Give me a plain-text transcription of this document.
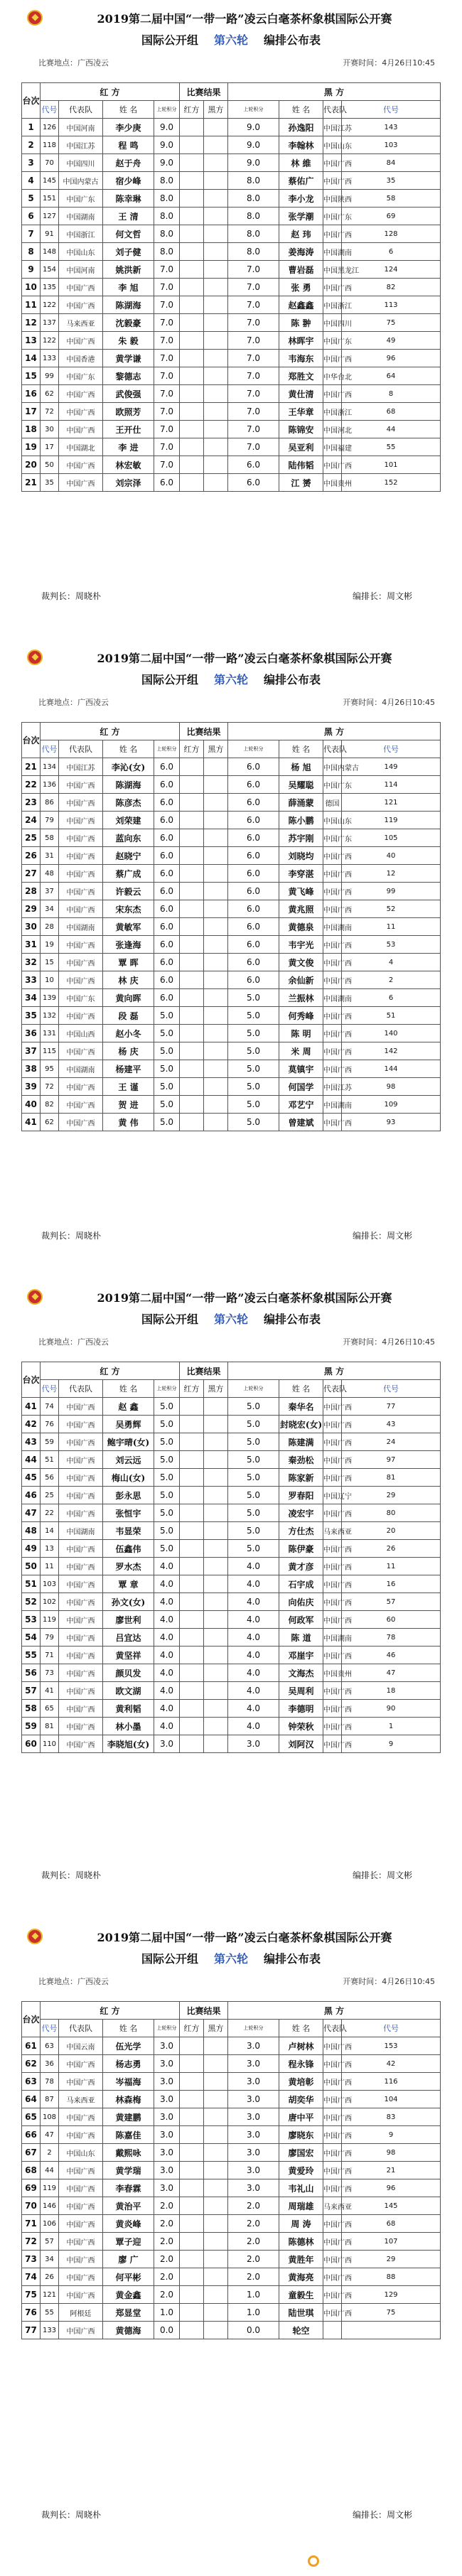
2019第二届中国“一带一路”凌云白毫茶杯象棋国际公开赛
国际公开组 第六轮 编排公布表
比赛地点：广西凌云	开赛时间：4月26日10:45
台次	红 方				比赛结果		黑 方			
	代号	代表队	姓 名	上轮积分	红方	黑方	上轮积分	姓 名	代表队	代号
1	126	中国河南	李少庚	9.0			9.0	孙逸阳	中国江苏	143
2	118	中国江苏	程 鸣	9.0			9.0	李翰林	中国山东	103
3	70	中国四川	赵于舟	9.0			9.0	林 維	中国广西	84
4	145	中国内蒙古	宿少峰	8.0			8.0	蔡佑广	中国广西	35
5	151	中国广东	陈幸琳	8.0			8.0	李小龙	中国陕西	58
6	127	中国湖南	王 清	8.0			8.0	张学潮	中国广东	69
7	91	中国浙江	何文哲	8.0			8.0	赵 玮	中国广西	128
8	148	中国山东	刘子健	8.0			8.0	姜海涛	中国湖南	6
9	154	中国河南	姚洪新	7.0			7.0	曹岩磊	中国黑龙江	124
10	135	中国广西	李 旭	7.0			7.0	张 勇	中国广西	82
11	122	中国广西	陈湖海	7.0			7.0	赵鑫鑫	中国浙江	113
12	137	马来西亚	沈毅豪	7.0			7.0	陈 翀	中国四川	75
13	122	中国广西	朱 毅	7.0			7.0	林晖宇	中国广东	49
14	133	中国香港	黄学谦	7.0			7.0	韦海东	中国广西	96
15	99	中国广东	黎德志	7.0			7.0	郑胜文	中华台北	64
16	62	中国广西	武俊强	7.0			7.0	黄仕清	中国广西	8
17	72	中国广西	欧照芳	7.0			7.0	王华章	中国浙江	68
18	30	中国广西	王开仕	7.0			7.0	陈锦安	中国河北	44
19	17	中国湖北	李 进	7.0			7.0	吴亚利	中国福建	55
20	50	中国广西	林宏敏	7.0			6.0	陆伟韬	中国广西	101
21	35	中国广西	刘宗泽	6.0			6.0	江 赟	中国贵州	152
裁判长：周晓朴	编排长：周文彬
2019第二届中国“一带一路”凌云白毫茶杯象棋国际公开赛
国际公开组 第六轮 编排公布表
比赛地点：广西凌云	开赛时间：4月26日10:45
台次	红 方				比赛结果		黑 方			
	代号	代表队	姓 名	上轮积分	红方	黑方	上轮积分	姓 名	代表队	代号
21	134	中国江苏	李沁(女)	6.0			6.0	杨 旭	中国内蒙古	149
22	136	中国广西	陈湖海	6.0			6.0	吴耀聪	中国广东	114
23	86	中国广西	陈彦杰	6.0			6.0	薛涌蒙	德国	121
24	79	中国广西	刘荣建	6.0			6.0	陈小鹏	中国山东	119
25	58	中国广西	蓝向东	6.0			6.0	苏宇刚	中国广东	105
26	31	中国广西	赵晓宁	6.0			6.0	刘晓均	中国广西	40
27	48	中国广西	蔡广成	6.0			6.0	李穿湛	中国广西	12
28	37	中国广西	许毅云	6.0			6.0	黄飞峰	中国广西	99
29	34	中国广西	宋东杰	6.0			6.0	黄兆照	中国广西	52
30	28	中国湖南	黄敏军	6.0			6.0	黄德泉	中国湖南	11
31	19	中国广西	张逢海	6.0			6.0	韦宇光	中国广西	53
32	15	中国广西	覃 晖	6.0			6.0	黄文俊	中国广西	4
33	10	中国广西	林 庆	6.0			6.0	余仙新	中国广西	2
34	139	中国广东	黄向晖	6.0			5.0	兰振林	中国湖南	6
35	132	中国广西	段 磊	5.0			5.0	何秀峰	中国广西	51
36	131	中国山西	赵小冬	5.0			5.0	陈 明	中国广西	140
37	115	中国广西	杨 庆	5.0			5.0	米 周	中国广西	142
38	95	中国湖南	杨建平	5.0			5.0	莫镇宇	中国广西	144
39	72	中国广西	王 谨	5.0			5.0	何国学	中国江苏	98
40	82	中国广西	贺 进	5.0			5.0	邓艺宁	中国湖南	109
41	62	中国广西	黄 伟	5.0			5.0	曾建斌	中国广西	93
裁判长：周晓朴	编排长：周文彬
2019第二届中国“一带一路”凌云白毫茶杯象棋国际公开赛
国际公开组 第六轮 编排公布表
比赛地点：广西凌云	开赛时间：4月26日10:45
台次	红 方				比赛结果		黑 方			
	代号	代表队	姓 名	上轮积分	红方	黑方	上轮积分	姓 名	代表队	代号
41	74	中国广西	赵 鑫	5.0			5.0	秦华名	中国广西	77
42	76	中国广西	吴勇辉	5.0			5.0	封晓宏(女)	中国广西	43
43	59	中国广西	鲍宇晴(女)	5.0			5.0	陈建满	中国广西	24
44	51	中国广西	刘云远	5.0			5.0	秦劲松	中国广西	97
45	56	中国广西	梅山(女)	5.0			5.0	陈家新	中国广西	81
46	25	中国广西	彭永思	5.0			5.0	罗春阳	中国辽宁	29
47	22	中国广西	张恒宇	5.0			5.0	凌宏宇	中国广西	80
48	14	中国湖南	韦显荣	5.0			5.0	方仕杰	马来西亚	20
49	13	中国广西	伍鑫伟	5.0			5.0	陈伊豪	中国广西	26
50	11	中国广西	罗水杰	4.0			4.0	黄才彦	中国广西	11
51	103	中国广西	覃 章	4.0			4.0	石宇成	中国广西	16
52	102	中国广西	孙文(女)	4.0			4.0	向佑庆	中国广西	57
53	119	中国广西	廖世利	4.0			4.0	何政军	中国广西	60
54	79	中国广西	吕宜达	4.0			4.0	陈 道	中国湖南	78
55	71	中国广西	黄坚祥	4.0			4.0	邓崖宇	中国广西	46
56	73	中国广西	颜贝发	4.0			4.0	文海杰	中国贵州	47
57	41	中国广西	欧文湖	4.0			4.0	吴周利	中国广西	18
58	65	中国广西	黄利韬	4.0			4.0	李德明	中国广西	90
59	81	中国广西	林小墨	4.0			4.0	钟荣秋	中国广西	1
60	110	中国广西	李晓旭(女)	3.0			3.0	刘阿汉	中国广西	9
裁判长：周晓朴	编排长：周文彬
2019第二届中国“一带一路”凌云白毫茶杯象棋国际公开赛
国际公开组 第六轮 编排公布表
比赛地点：广西凌云	开赛时间：4月26日10:45
台次	红 方				比赛结果		黑 方			
	代号	代表队	姓 名	上轮积分	红方	黑方	上轮积分	姓 名	代表队	代号
61	63	中国云南	伍光学	3.0			3.0	卢树林	中国广西	153
62	36	中国广西	杨志勇	3.0			3.0	程永锋	中国广西	42
63	78	中国广西	岑福海	3.0			3.0	黄培彰	中国广西	116
64	87	马来西亚	林森梅	3.0			3.0	胡奕华	中国广西	104
65	108	中国广西	黄建鹏	3.0			3.0	唐中平	中国广西	83
66	47	中国广西	陈嘉佳	3.0			3.0	廖晓东	中国广西	9
67	2	中国山东	戴熙咏	3.0			3.0	廖国宏	中国广西	98
68	44	中国广西	黄学瑞	3.0			3.0	黄爱玲	中国广西	21
69	119	中国广西	李春霖	3.0			3.0	韦礼山	中国广西	96
70	146	中国广西	黄治平	2.0			2.0	周瑞雄	马来西亚	145
71	106	中国广西	黄炎峰	2.0			2.0	周 涛	中国广西	68
72	57	中国广西	覃子迎	2.0			2.0	陈德林	中国广西	107
73	34	中国广西	廖 广	2.0			2.0	黄胜年	中国广西	29
74	26	中国广西	何平彬	2.0			2.0	黄海亮	中国广西	88
75	121	中国广西	黄金鑫	2.0			1.0	童毅生	中国广西	129
76	55	阿根廷	郑显堂	1.0			1.0	陆世琪	中国广西	75
77	133	中国广西	黄德海	0.0			0.0	轮空		
裁判长：周晓朴	编排长：周文彬
